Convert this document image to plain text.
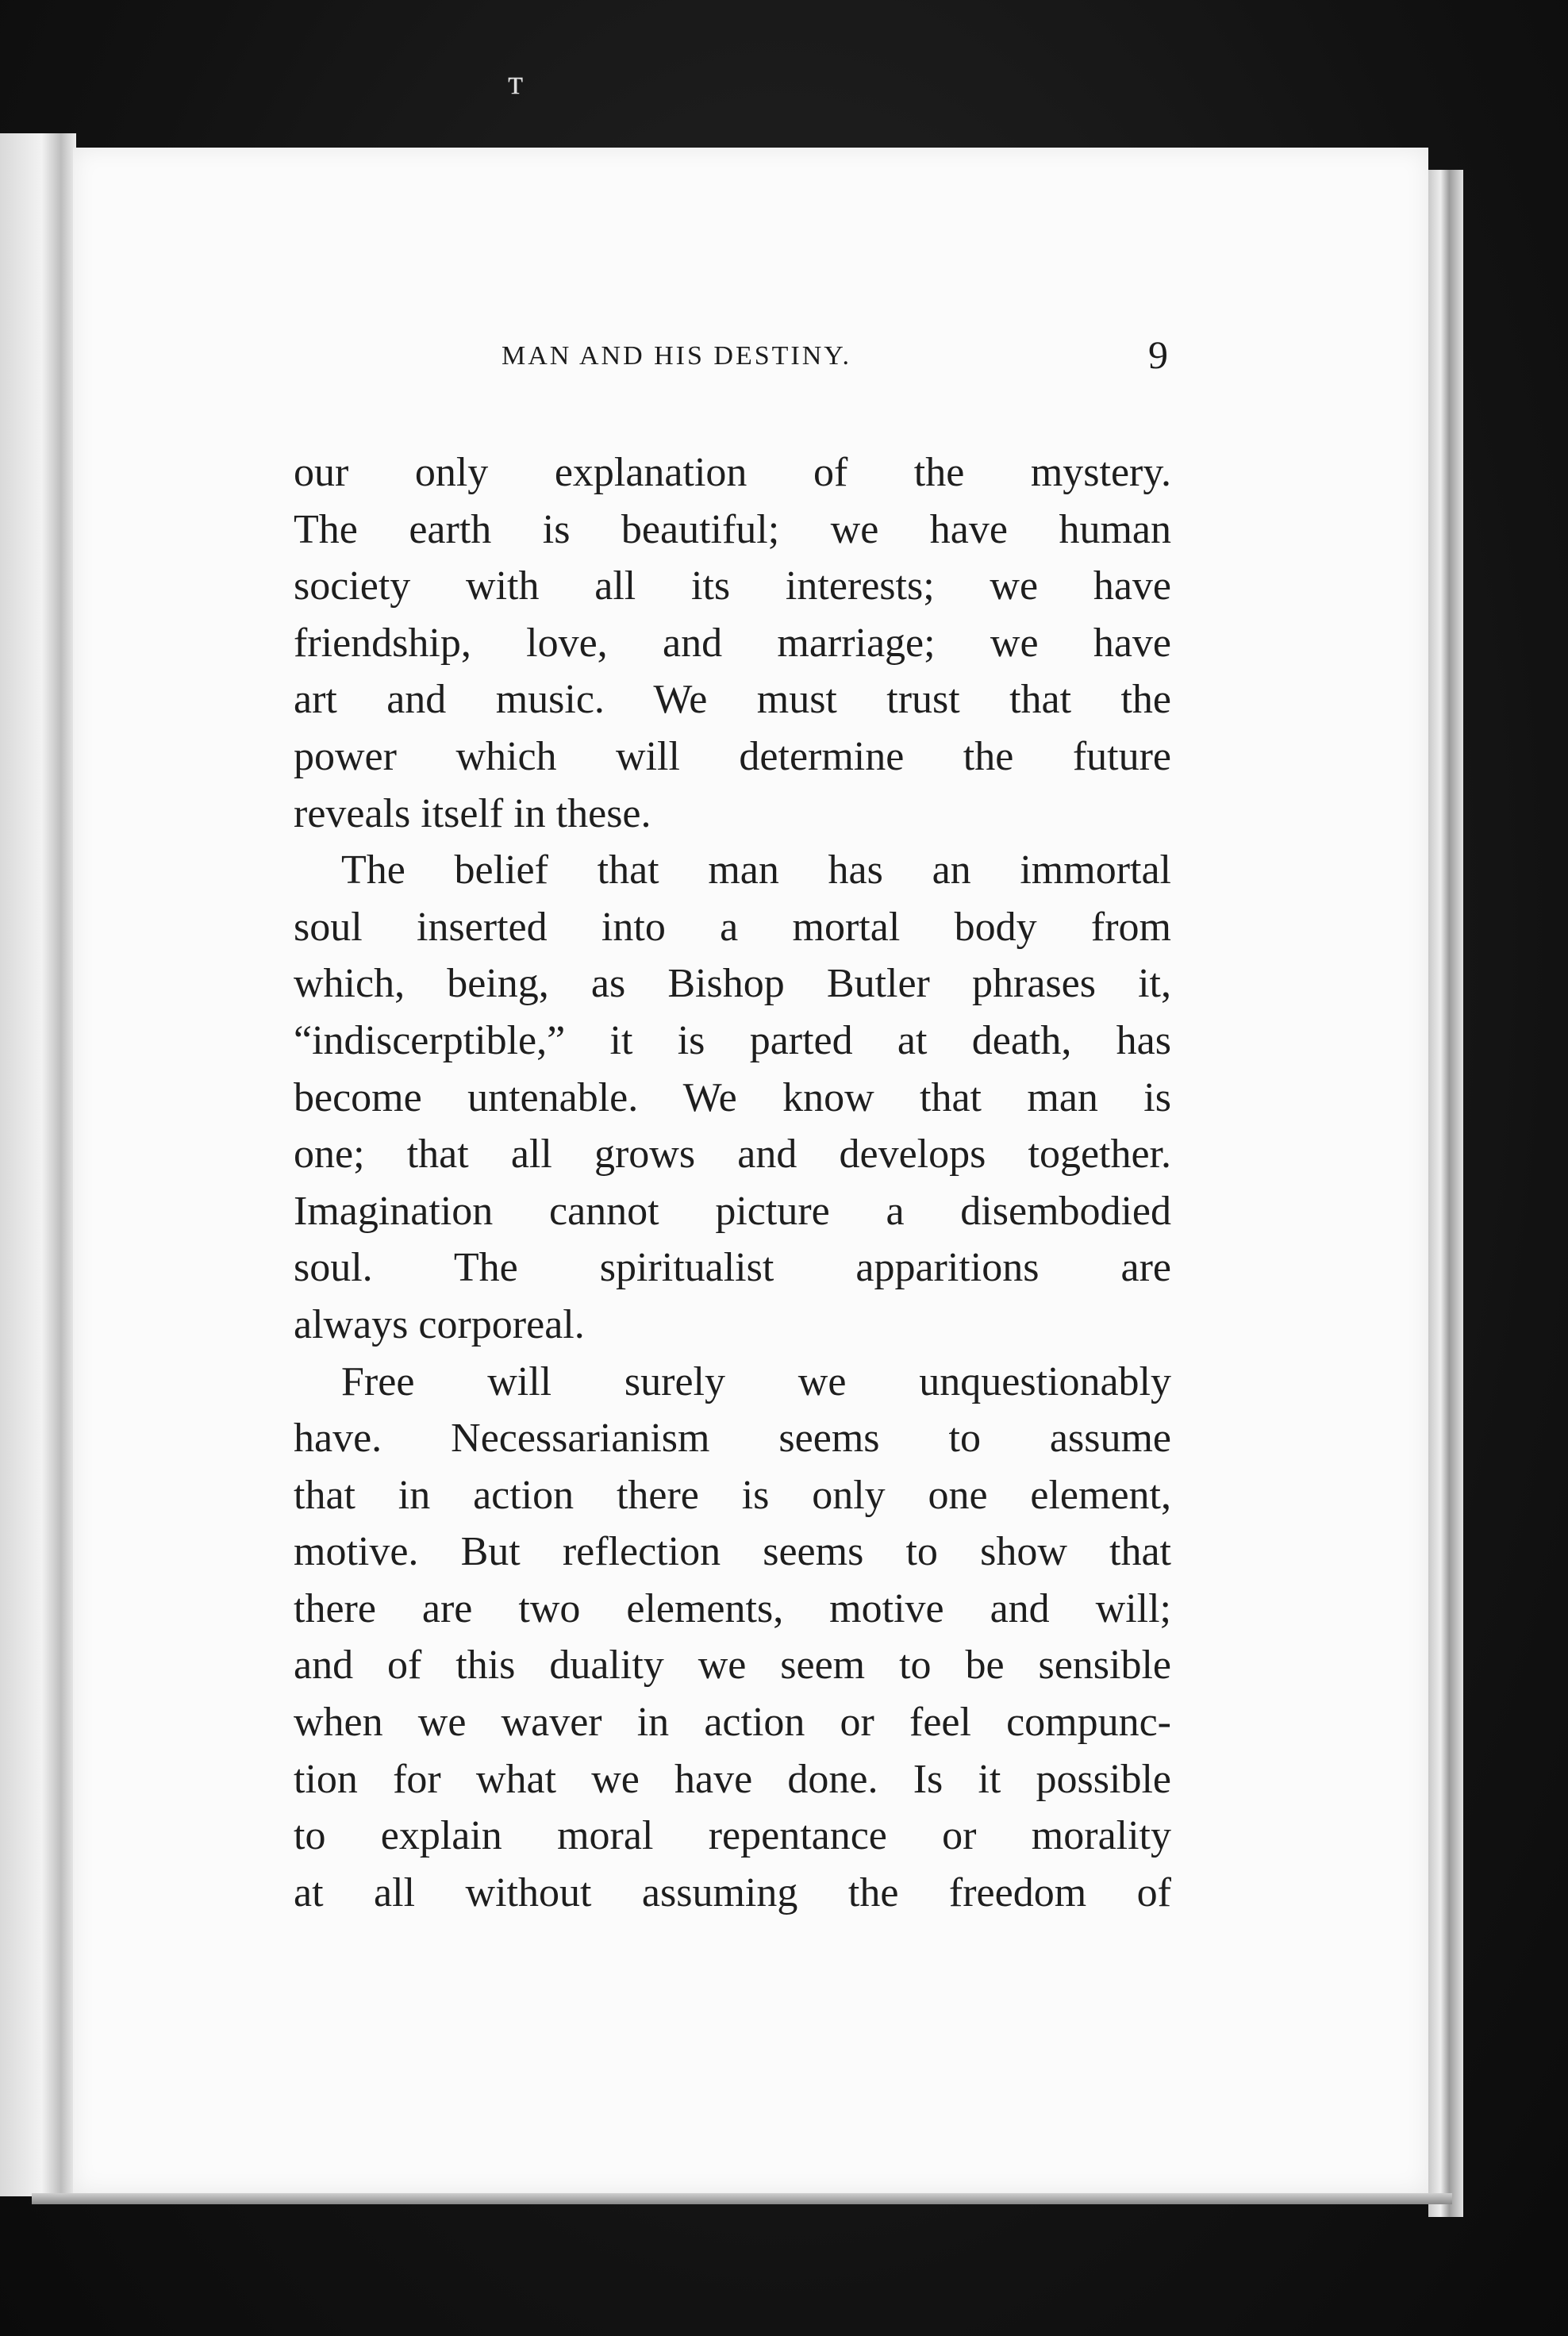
ᴛ
MAN AND HIS DESTINY.	9
our only explanation of the mystery.
The earth is beautiful; we have human
society with all its interests; we have
friendship, love, and marriage; we have
art and music. We must trust that the
power which will determine the future
reveals itself in these.
The belief that man has an immortal
soul inserted into a mortal body from
which, being, as Bishop Butler phrases it,
“indiscerptible,” it is parted at death, has
become untenable. We know that man is
one; that all grows and develops together.
Imagination cannot picture a disembodied
soul. The spiritualist apparitions are
always corporeal.
Free will surely we unquestionably
have. Necessarianism seems to assume
that in action there is only one element,
motive. But reflection seems to show that
there are two elements, motive and will;
and of this duality we seem to be sensible
when we waver in action or feel compunc-
tion for what we have done. Is it possible
to explain moral repentance or morality
at all without assuming the freedom of
